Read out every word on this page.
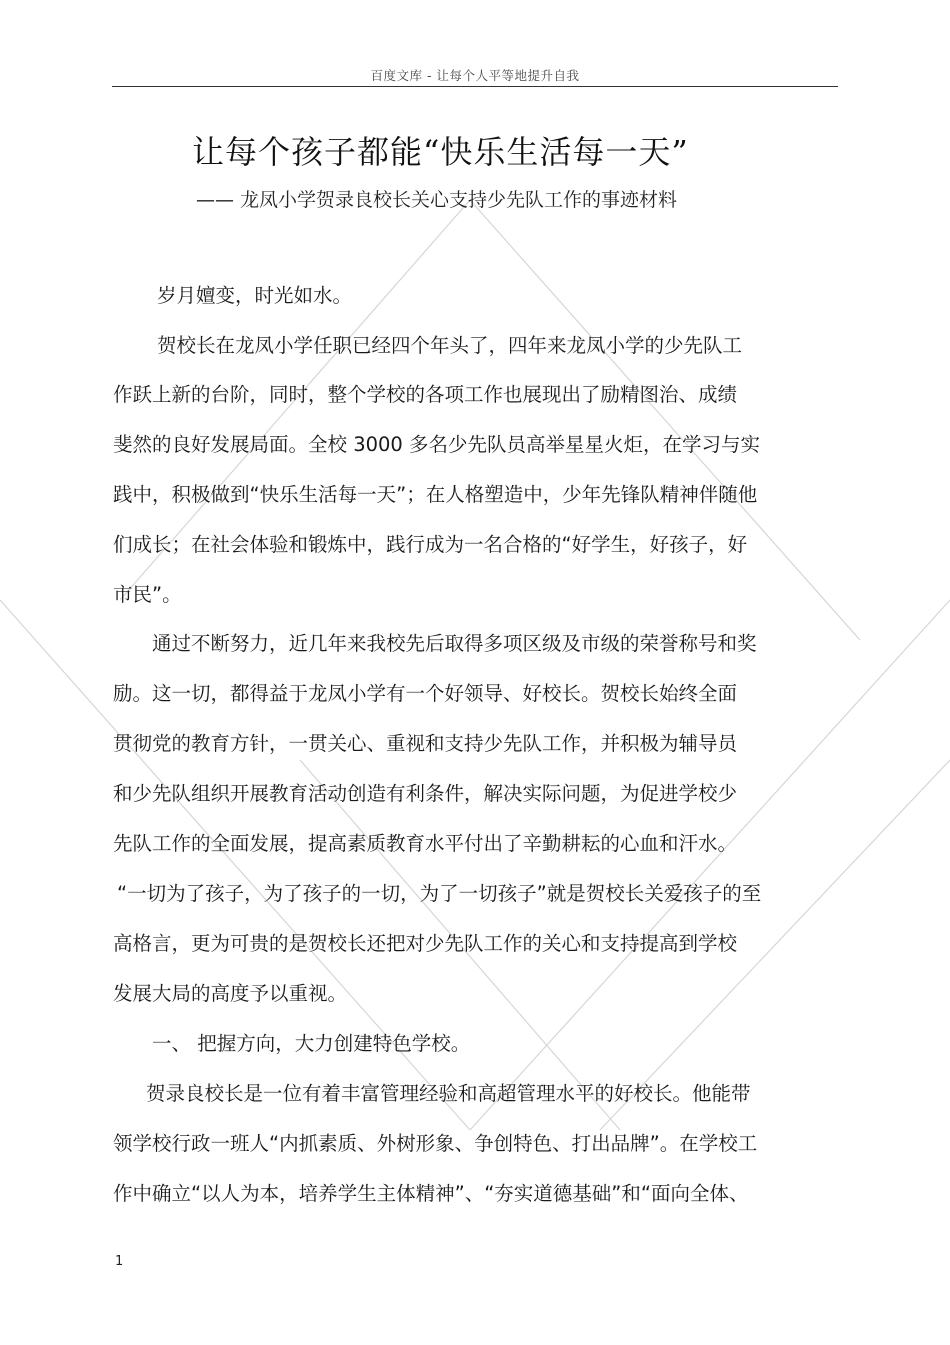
百度文库 - 让每个人平等地提升自我
让每个孩子都能“快乐生活每一天”
—— 龙凤小学贺录良校长关心支持少先队工作的事迹材料
岁月嬗变，时光如水。
贺校长在龙凤小学任职已经四个年头了，四年来龙凤小学的少先队工
作跃上新的台阶，同时，整个学校的各项工作也展现出了励精图治、成绩
斐然的良好发展局面。全校 3000 多名少先队员高举星星火炬，在学习与实
践中，积极做到“快乐生活每一天”；在人格塑造中，少年先锋队精神伴随他
们成长；在社会体验和锻炼中，践行成为一名合格的“好学生，好孩子，好
市民”。
通过不断努力，近几年来我校先后取得多项区级及市级的荣誉称号和奖
励。这一切，都得益于龙凤小学有一个好领导、好校长。贺校长始终全面
贯彻党的教育方针，一贯关心、重视和支持少先队工作，并积极为辅导员
和少先队组织开展教育活动创造有利条件，解决实际问题，为促进学校少
先队工作的全面发展，提高素质教育水平付出了辛勤耕耘的心血和汗水。
“一切为了孩子，为了孩子的一切，为了一切孩子”就是贺校长关爱孩子的至
高格言，更为可贵的是贺校长还把对少先队工作的关心和支持提高到学校
发展大局的高度予以重视。
一、 把握方向，大力创建特色学校。
贺录良校长是一位有着丰富管理经验和高超管理水平的好校长。他能带
领学校行政一班人“内抓素质、外树形象、争创特色、打出品牌”。在学校工
作中确立“以人为本，培养学生主体精神”、“夯实道德基础”和“面向全体、
1
